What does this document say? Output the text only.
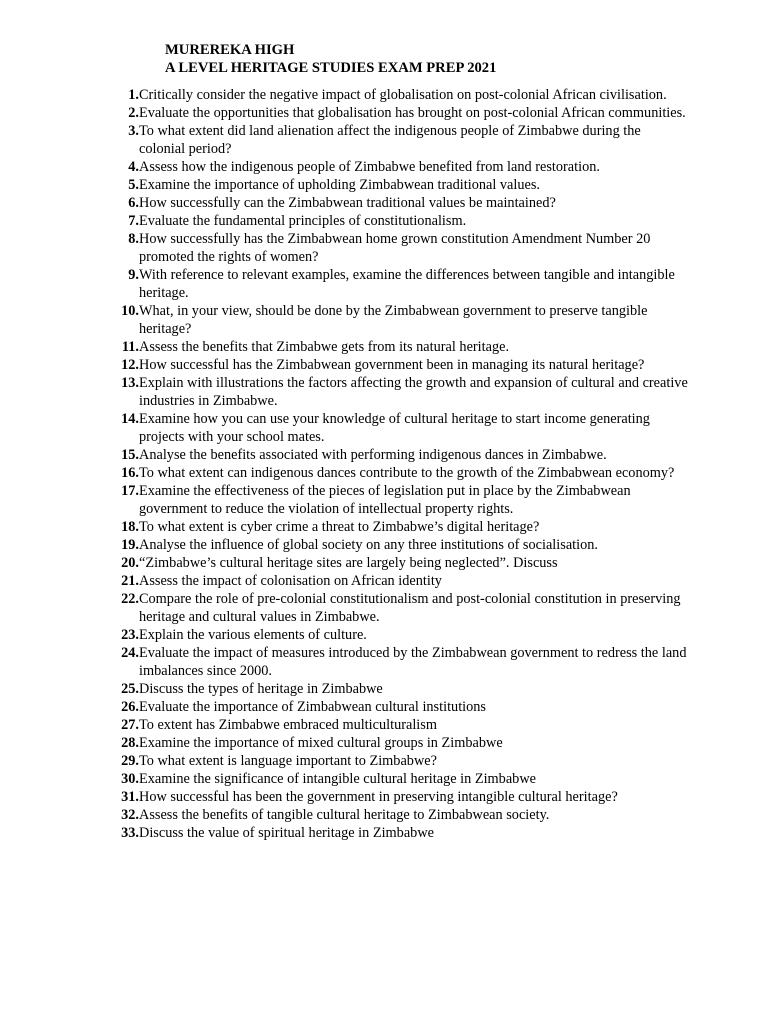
MUREREKA HIGH
A LEVEL HERITAGE STUDIES EXAM PREP 2021
1. Critically consider the negative impact of globalisation on post-colonial African civilisation.
2. Evaluate the opportunities that globalisation has brought on post-colonial African communities.
3. To what extent did land alienation affect the indigenous people of Zimbabwe during the colonial period?
4. Assess how the indigenous people of Zimbabwe benefited from land restoration.
5. Examine the importance of upholding Zimbabwean traditional values.
6. How successfully can the Zimbabwean traditional values be maintained?
7. Evaluate the fundamental principles of constitutionalism.
8. How successfully has the Zimbabwean home grown constitution Amendment Number 20 promoted the rights of women?
9. With reference to relevant examples, examine the differences between tangible and intangible heritage.
10. What, in your view, should be done by the Zimbabwean government to preserve tangible heritage?
11. Assess the benefits that Zimbabwe gets from its natural heritage.
12. How successful has the Zimbabwean government been in managing its natural heritage?
13. Explain with illustrations the factors affecting the growth and expansion of cultural and creative industries in Zimbabwe.
14. Examine how you can use your knowledge of cultural heritage to start income generating projects with your school mates.
15. Analyse the benefits associated with performing indigenous dances in Zimbabwe.
16. To what extent can indigenous dances contribute to the growth of the Zimbabwean economy?
17. Examine the effectiveness of the pieces of legislation put in place by the Zimbabwean government to reduce the violation of intellectual property rights.
18. To what extent is cyber crime a threat to Zimbabwe’s digital heritage?
19. Analyse the influence of global society on any three institutions of socialisation.
20. “Zimbabwe’s cultural heritage sites are largely being neglected”. Discuss
21. Assess the impact of colonisation on African identity
22. Compare the role of pre-colonial constitutionalism and post-colonial constitution in preserving heritage and cultural values in Zimbabwe.
23. Explain the various elements of culture.
24. Evaluate the impact of measures introduced by the Zimbabwean government to redress the land imbalances since 2000.
25. Discuss the types of heritage in Zimbabwe
26. Evaluate the importance of Zimbabwean cultural institutions
27. To extent has Zimbabwe embraced multiculturalism
28. Examine the importance of mixed cultural groups in Zimbabwe
29. To what extent is language important to Zimbabwe?
30. Examine the significance of intangible cultural heritage in Zimbabwe
31. How successful has been the government in preserving intangible cultural heritage?
32. Assess the benefits of tangible cultural heritage to Zimbabwean society.
33. Discuss the value of spiritual heritage in Zimbabwe
